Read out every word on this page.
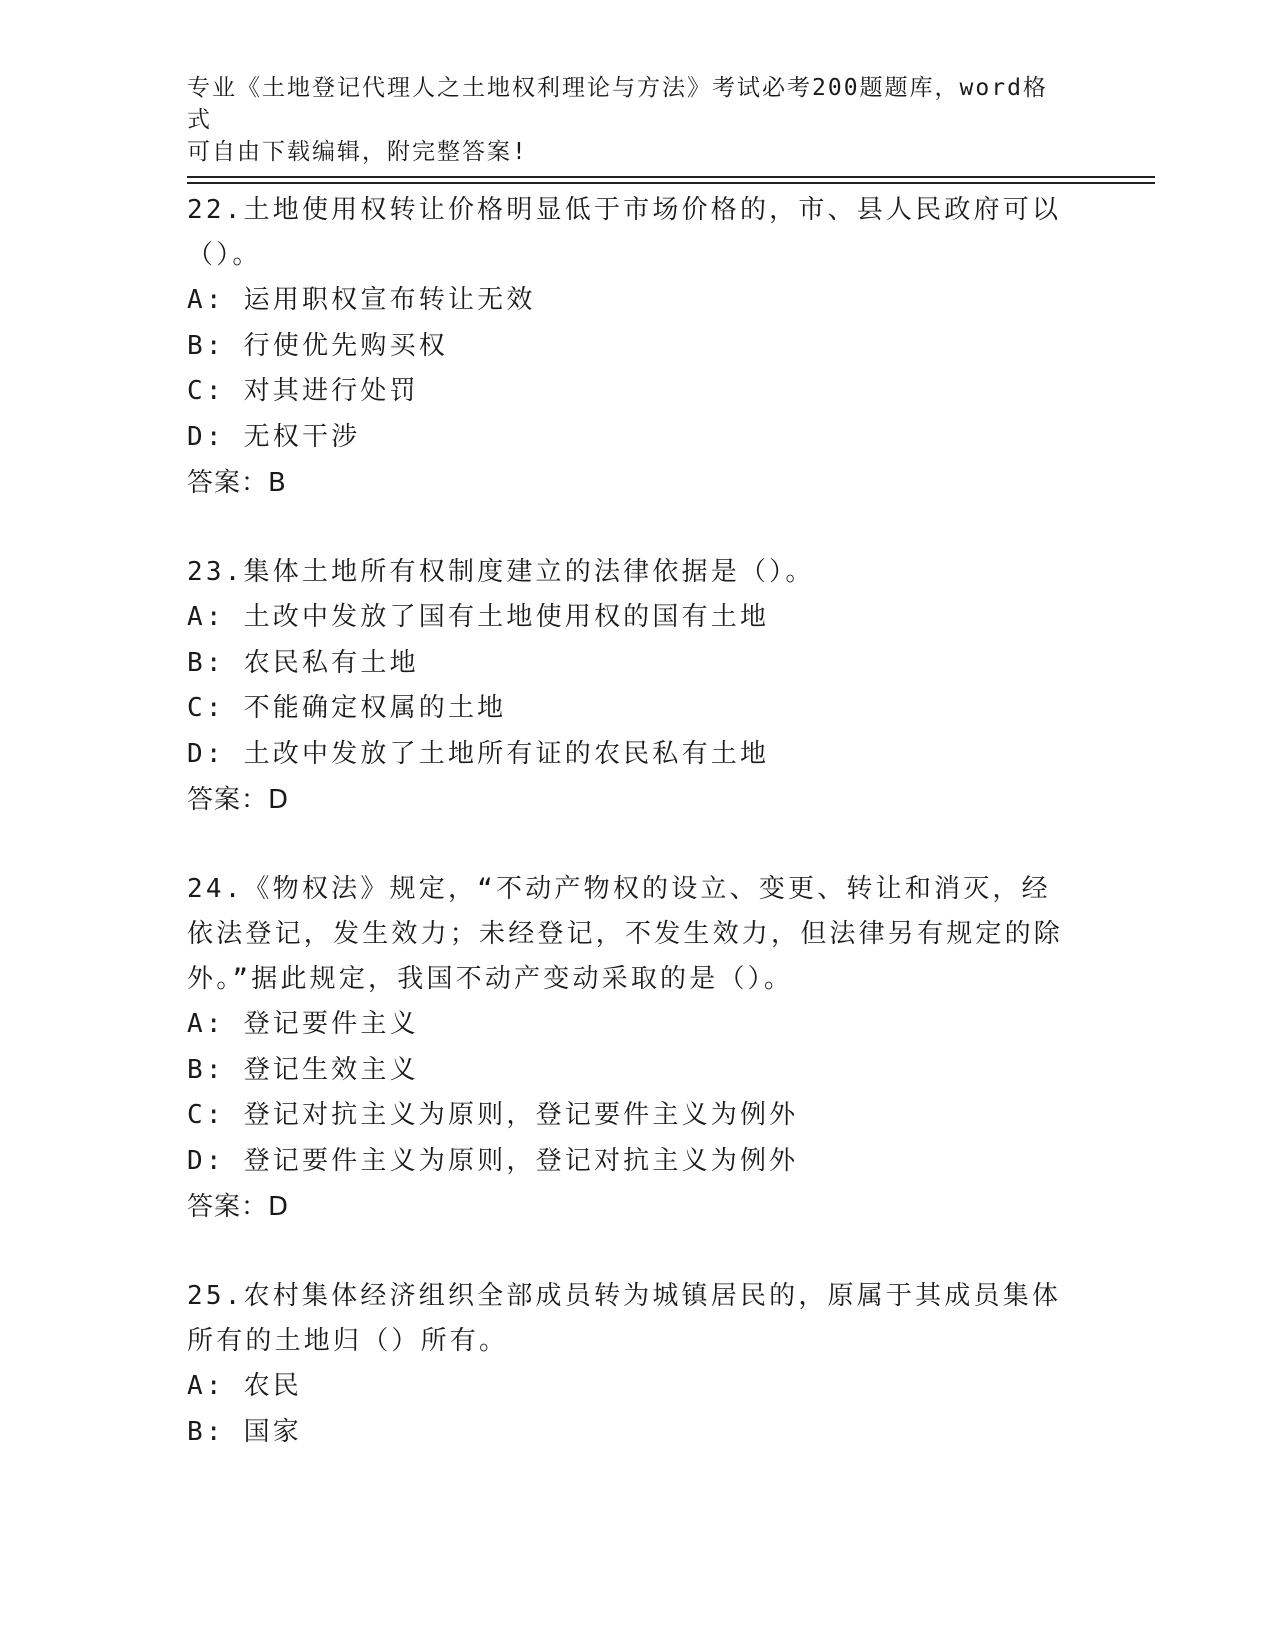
专业《土地登记代理人之土地权利理论与方法》考试必考200题题库，word格式
可自由下载编辑，附完整答案!

22.土地使用权转让价格明显低于市场价格的，市、县人民政府可以（）。

A: 运用职权宣布转让无效

B: 行使优先购买权

C: 对其进行处罚

D: 无权干涉

答案：B

23.集体土地所有权制度建立的法律依据是（）。

A: 土改中发放了国有土地使用权的国有土地

B: 农民私有土地

C: 不能确定权属的土地

D: 土改中发放了土地所有证的农民私有土地

答案：D

24.《物权法》规定，“不动产物权的设立、变更、转让和消灭，经依法登记，发生效力；未经登记，不发生效力，但法律另有规定的除外。”据此规定，我国不动产变动采取的是（）。

A: 登记要件主义

B: 登记生效主义

C: 登记对抗主义为原则，登记要件主义为例外

D: 登记要件主义为原则，登记对抗主义为例外

答案：D

25.农村集体经济组织全部成员转为城镇居民的，原属于其成员集体所有的土地归（）所有。

A: 农民

B: 国家
